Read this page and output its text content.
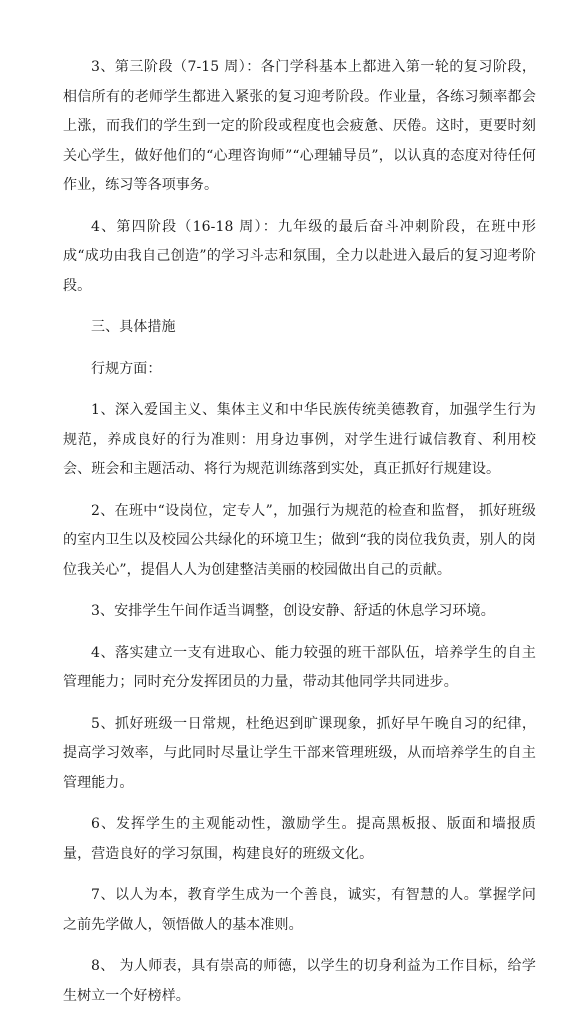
3、第三阶段（7-15 周）：各门学科基本上都进入第一轮的复习阶段，相信所有的老师学生都进入紧张的复习迎考阶段。作业量，各练习频率都会上涨，而我们的学生到一定的阶段或程度也会疲惫、厌倦。这时，更要时刻关心学生，做好他们的“心理咨询师”“心理辅导员”，以认真的态度对待任何作业，练习等各项事务。

4、第四阶段（16-18 周）：九年级的最后奋斗冲刺阶段，在班中形成“成功由我自己创造”的学习斗志和氛围，全力以赴进入最后的复习迎考阶段。

三、具体措施

行规方面：

1、深入爱国主义、集体主义和中华民族传统美德教育，加强学生行为规范，养成良好的行为准则：用身边事例，对学生进行诚信教育、利用校会、班会和主题活动、将行为规范训练落到实处，真正抓好行规建设。

2、在班中“设岗位，定专人”，加强行为规范的检查和监督， 抓好班级的室内卫生以及校园公共绿化的环境卫生；做到“我的岗位我负责，别人的岗位我关心”，提倡人人为创建整洁美丽的校园做出自己的贡献。

3、安排学生午间作适当调整，创设安静、舒适的休息学习环境。

4、落实建立一支有进取心、能力较强的班干部队伍，培养学生的自主管理能力；同时充分发挥团员的力量，带动其他同学共同进步。

5、抓好班级一日常规，杜绝迟到旷课现象，抓好早午晚自习的纪律，提高学习效率，与此同时尽量让学生干部来管理班级，从而培养学生的自主管理能力。

6、发挥学生的主观能动性，激励学生。提高黑板报、版面和墙报质量，营造良好的学习氛围，构建良好的班级文化。

7、以人为本，教育学生成为一个善良，诚实，有智慧的人。掌握学问之前先学做人，领悟做人的基本准则。

8、 为人师表，具有崇高的师德，以学生的切身利益为工作目标，给学生树立一个好榜样。
